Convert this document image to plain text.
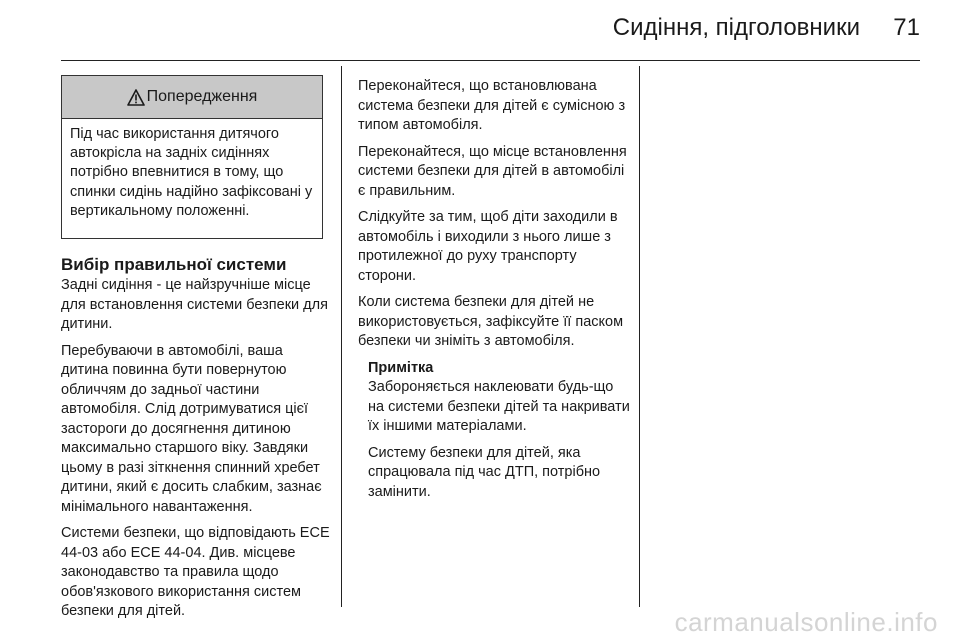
Сидіння, підголовники	71
Попередження
Під час використання дитячого автокрісла на задніх сидіннях потрібно впевнитися в тому, що спинки сидінь надійно зафіксовані у вертикальному положенні.
Вибір правильної системи

Задні сидіння - це найзручніше місце для встановлення системи безпеки для дитини.

Перебуваючи в автомобілі, ваша дитина повинна бути повернутою обличчям до задньої частини автомобіля. Слід дотримуватися цієї застороги до досягнення дитиною максимально старшого віку. Завдяки цьому в разі зіткнення спинний хребет дитини, який є досить слабким, зазнає мінімального навантаження.

Системи безпеки, що відповідають ЕСЕ 44-03 або ЕСЕ 44-04. Див. місцеве законодавство та правила щодо обов'язкового використання систем безпеки для дітей.

Переконайтеся, що встановлювана система безпеки для дітей є сумісною з типом автомобіля.

Переконайтеся, що місце встановлення системи безпеки для дітей в автомобілі є правильним.

Слідкуйте за тим, щоб діти заходили в автомобіль і виходили з нього лише з протилежної до руху транспорту сторони.

Коли система безпеки для дітей не використовується, зафіксуйте її паском безпеки чи зніміть з автомобіля.

Примітка

Забороняється наклеювати будь-що на системи безпеки дітей та накривати їх іншими матеріалами.

Систему безпеки для дітей, яка спрацювала під час ДТП, потрібно замінити.

carmanualsonline.info
